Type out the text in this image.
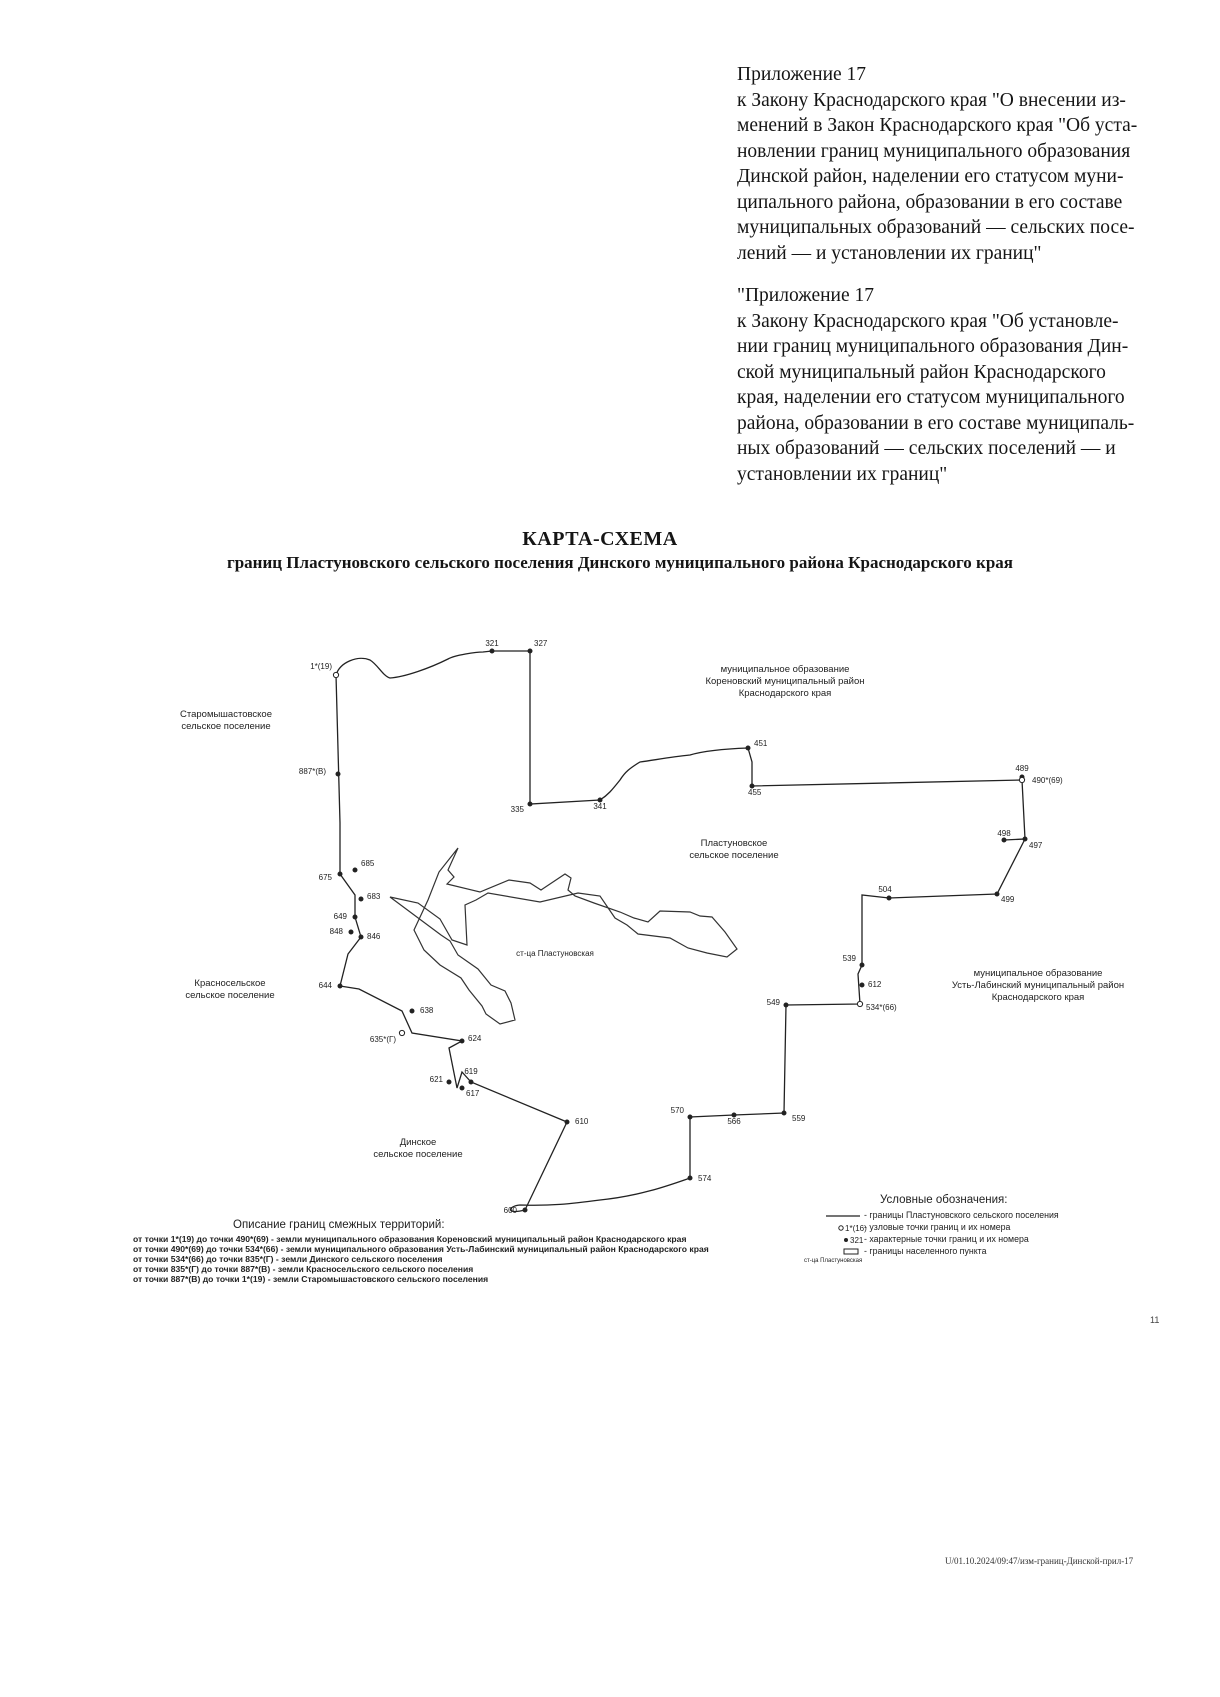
Приложение 17
к Закону Краснодарского края "О внесении из-
менений в Закон Краснодарского края "Об уста-
новлении границ муниципального образования
Динской район, наделении его статусом муни-
ципального района, образовании в его составе
муниципальных образований — сельских посе-
лений — и установлении их границ"
"Приложение 17
к Закону Краснодарского края "Об установле-
нии границ муниципального образования Дин-
ской муниципальный район Краснодарского
края, наделении его статусом муниципального
района, образовании в его составе муниципаль-
ных образований — сельских поселений — и
установлении их границ"
КАРТА-СХЕМА
границ Пластуновского сельского поселения Динского муниципального района Краснодарского края
1*(19)
321	327
887*(В)
335	341
451
455
489
490*(69)
498
497
499
504
675
685
683
649
848
846
644
539
612
549
534*(66)
638
635*(Г)	624
621
619
617
610
570
566	559
574
600
муниципальное образование
Кореновский муниципальный район
Краснодарского края
Старомышастовское
сельское поселение
Пластуновское
сельское поселение
Красносельское
сельское поселение
муниципальное образование
Усть-Лабинский муниципальный район
Краснодарского края
Динское
сельское поселение
ст-ца Пластуновская
Описание границ смежных территорий:
от точки 1*(19) до точки 490*(69) - земли муниципального образования Кореновский муниципальный район Краснодарского края
от точки 490*(69) до точки 534*(66) - земли муниципального образования Усть-Лабинский муниципальный район Краснодарского края
от точки 534*(66) до точки 835*(Г) - земли Динского сельского поселения
от точки 835*(Г) до точки 887*(В) - земли Красносельского сельского поселения
от точки 887*(В) до точки 1*(19) - земли Старомышастовского сельского поселения
Условные обозначения:
- границы Пластуновского сельского поселения
1*(16)
- узловые точки границ и их номера
321 - характерные точки границ и их номера
- границы населенного пункта
ст-ца Пластуновская
11
U/01.10.2024/09:47/изм-границ-Динской-прил-17
